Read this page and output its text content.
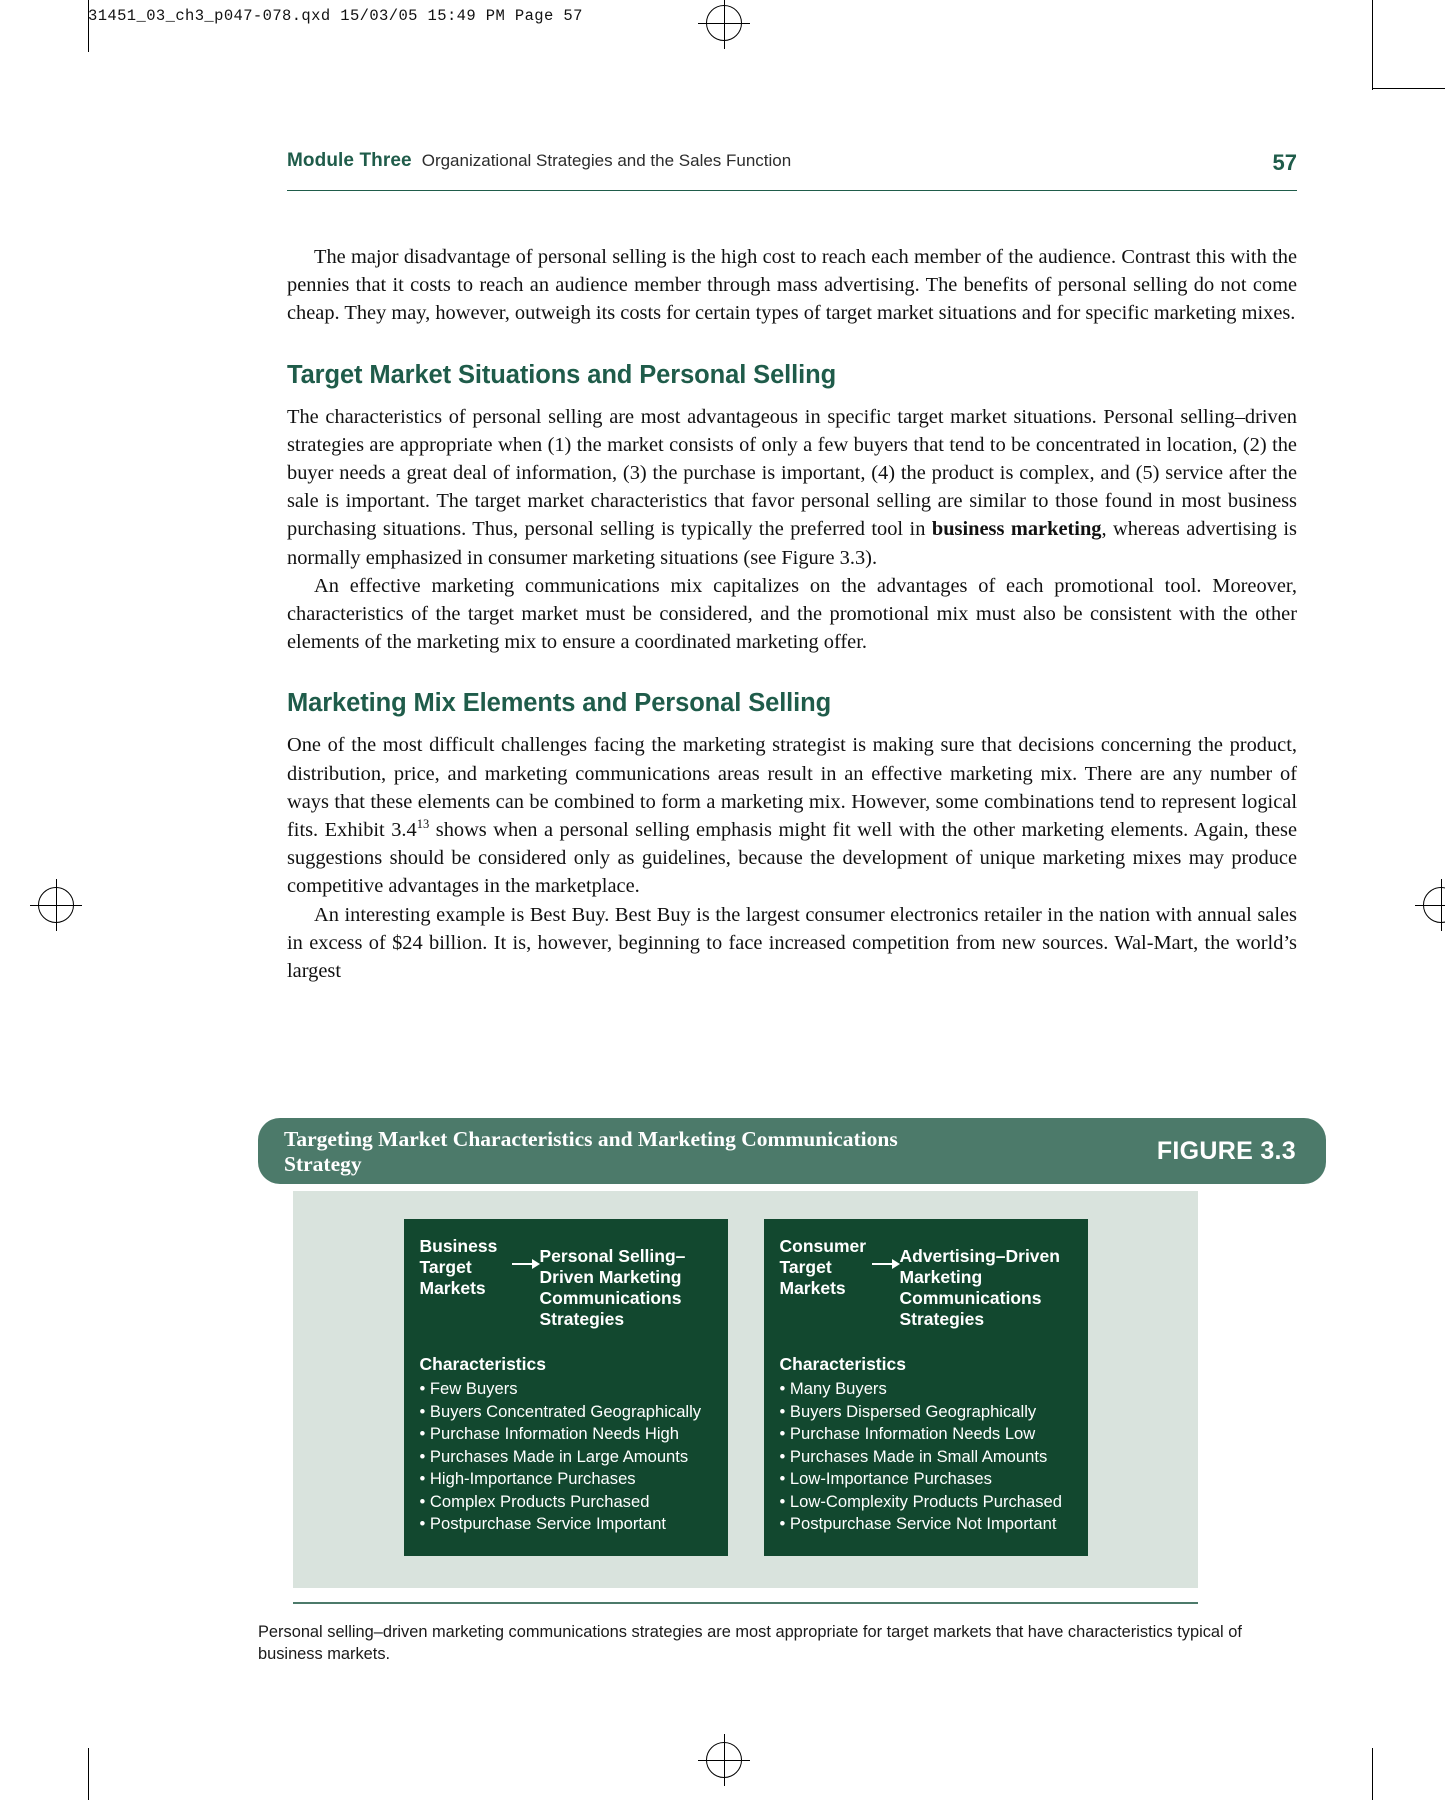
31451_03_ch3_p047-078.qxd 15/03/05 15:49 PM Page 57
Module Three Organizational Strategies and the Sales Function	57

The major disadvantage of personal selling is the high cost to reach each member of the audience. Contrast this with the pennies that it costs to reach an audience member through mass advertising. The benefits of personal selling do not come cheap. They may, however, outweigh its costs for certain types of target market situations and for specific marketing mixes.

Target Market Situations and Personal Selling

The characteristics of personal selling are most advantageous in specific target market situations. Personal selling–driven strategies are appropriate when (1) the market consists of only a few buyers that tend to be concentrated in location, (2) the buyer needs a great deal of information, (3) the purchase is important, (4) the product is complex, and (5) service after the sale is important. The target market characteristics that favor personal selling are similar to those found in most business purchasing situations. Thus, personal selling is typically the preferred tool in business marketing, whereas advertising is normally emphasized in consumer marketing situations (see Figure 3.3).

An effective marketing communications mix capitalizes on the advantages of each promotional tool. Moreover, characteristics of the target market must be considered, and the promotional mix must also be consistent with the other elements of the marketing mix to ensure a coordinated marketing offer.

Marketing Mix Elements and Personal Selling

One of the most difficult challenges facing the marketing strategist is making sure that decisions concerning the product, distribution, price, and marketing communications areas result in an effective marketing mix. There are any number of ways that these elements can be combined to form a marketing mix. However, some combinations tend to represent logical fits. Exhibit $3.4^{13}$ shows when a personal selling emphasis might fit well with the other marketing elements. Again, these suggestions should be considered only as guidelines, because the development of unique marketing mixes may produce competitive advantages in the marketplace.

An interesting example is Best Buy. Best Buy is the largest consumer electronics retailer in the nation with annual sales in excess of $24 billion. It is, however, beginning to face increased competition from new sources. Wal-Mart, the world’s largest

Targeting Market Characteristics and Marketing Communications Strategy	FIGURE 3.3
Business Target Markets
Personal Selling–Driven Marketing Communications Strategies
Characteristics
• Few Buyers
• Buyers Concentrated Geographically
• Purchase Information Needs High
• Purchases Made in Large Amounts
• High-Importance Purchases
• Complex Products Purchased
• Postpurchase Service Important
Consumer Target Markets
Advertising–Driven Marketing Communications Strategies
Characteristics
• Many Buyers
• Buyers Dispersed Geographically
• Purchase Information Needs Low
• Purchases Made in Small Amounts
• Low-Importance Purchases
• Low-Complexity Products Purchased
• Postpurchase Service Not Important
Personal selling–driven marketing communications strategies are most appropriate for target markets that have characteristics typical of business markets.
